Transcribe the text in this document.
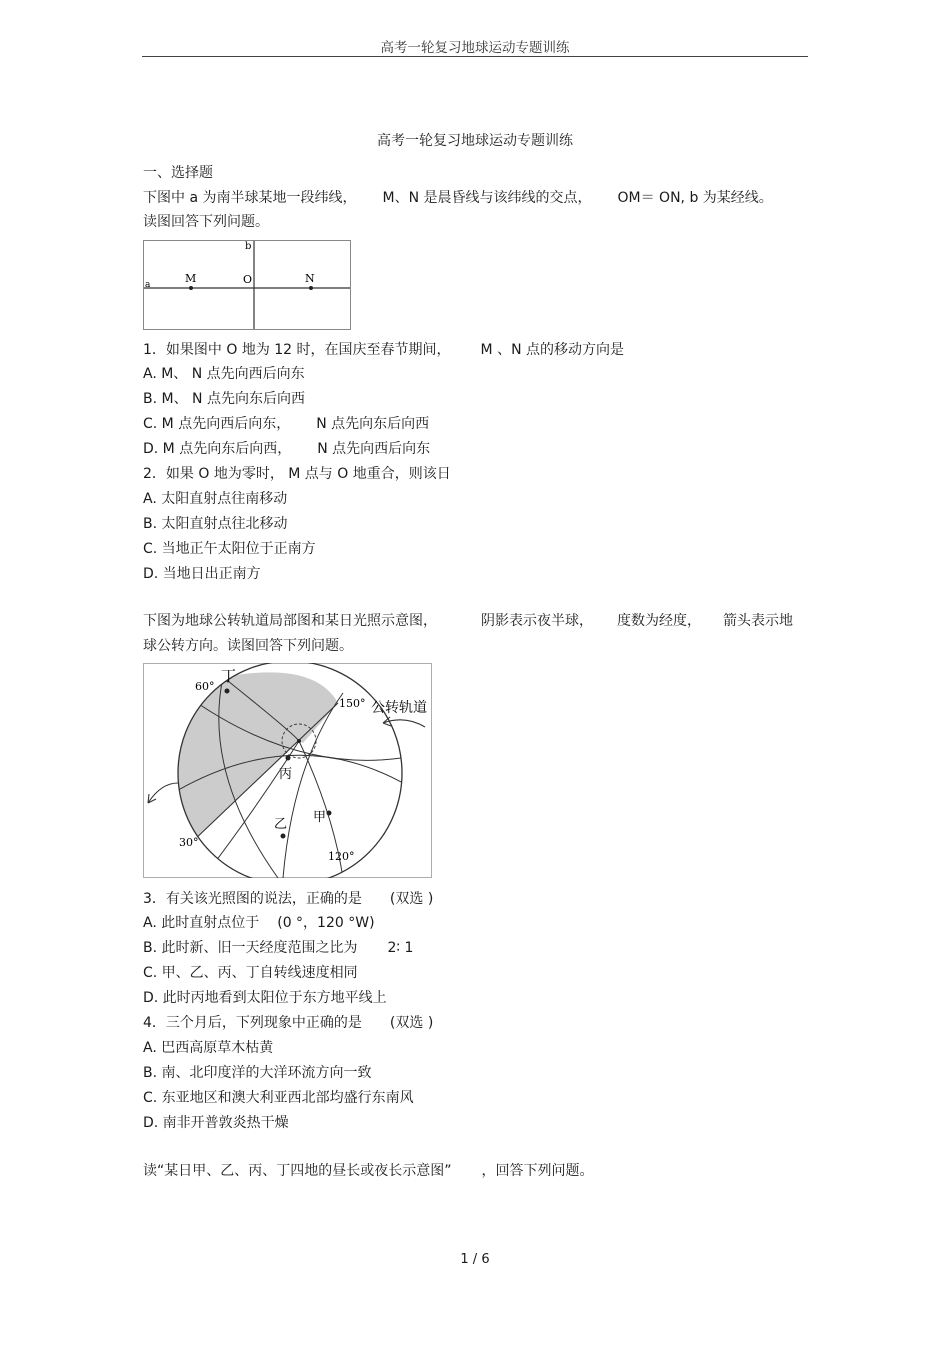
高考一轮复习地球运动专题训练
高考一轮复习地球运动专题训练
一、选择题
下图中 a 为南半球某地一段纬线， M、N 是晨昏线与该纬线的交点， OM＝ ON, b 为某经线。
读图回答下列问题。
b
a	M	O	N
1．如果图中 O 地为 12 时，在国庆至春节期间， M 、N 点的移动方向是
A. M、 N 点先向西后向东
B. M、 N 点先向东后向西
C. M 点先向西后向东， N 点先向东后向西
D. M 点先向东后向西， N 点先向西后向东
2．如果 O 地为零时， M 点与 O 地重合，则该日
A. 太阳直射点往南移动
B. 太阳直射点往北移动
C. 当地正午太阳位于正南方
D. 当地日出正南方
下图为地球公转轨道局部图和某日光照示意图，	阴影表示夜半球， 度数为经度， 箭头表示地
球公转方向。读图回答下列问题。
丁
60°
150° 公转轨道
丙
甲
乙
30°
120°
3．有关该光照图的说法，正确的是 (双选 )
A. 此时直射点位于 (0 °，120 °W)
B. 此时新、旧一天经度范围之比为 2∶ 1
C. 甲、乙、丙、丁自转线速度相同
D. 此时丙地看到太阳位于东方地平线上
4．三个月后，下列现象中正确的是 (双选 )
A. 巴西高原草木枯黄
B. 南、北印度洋的大洋环流方向一致
C. 东亚地区和澳大利亚西北部均盛行东南风
D. 南非开普敦炎热干燥
读“某日甲、乙、丙、丁四地的昼长或夜长示意图” ，回答下列问题。
1 / 6
